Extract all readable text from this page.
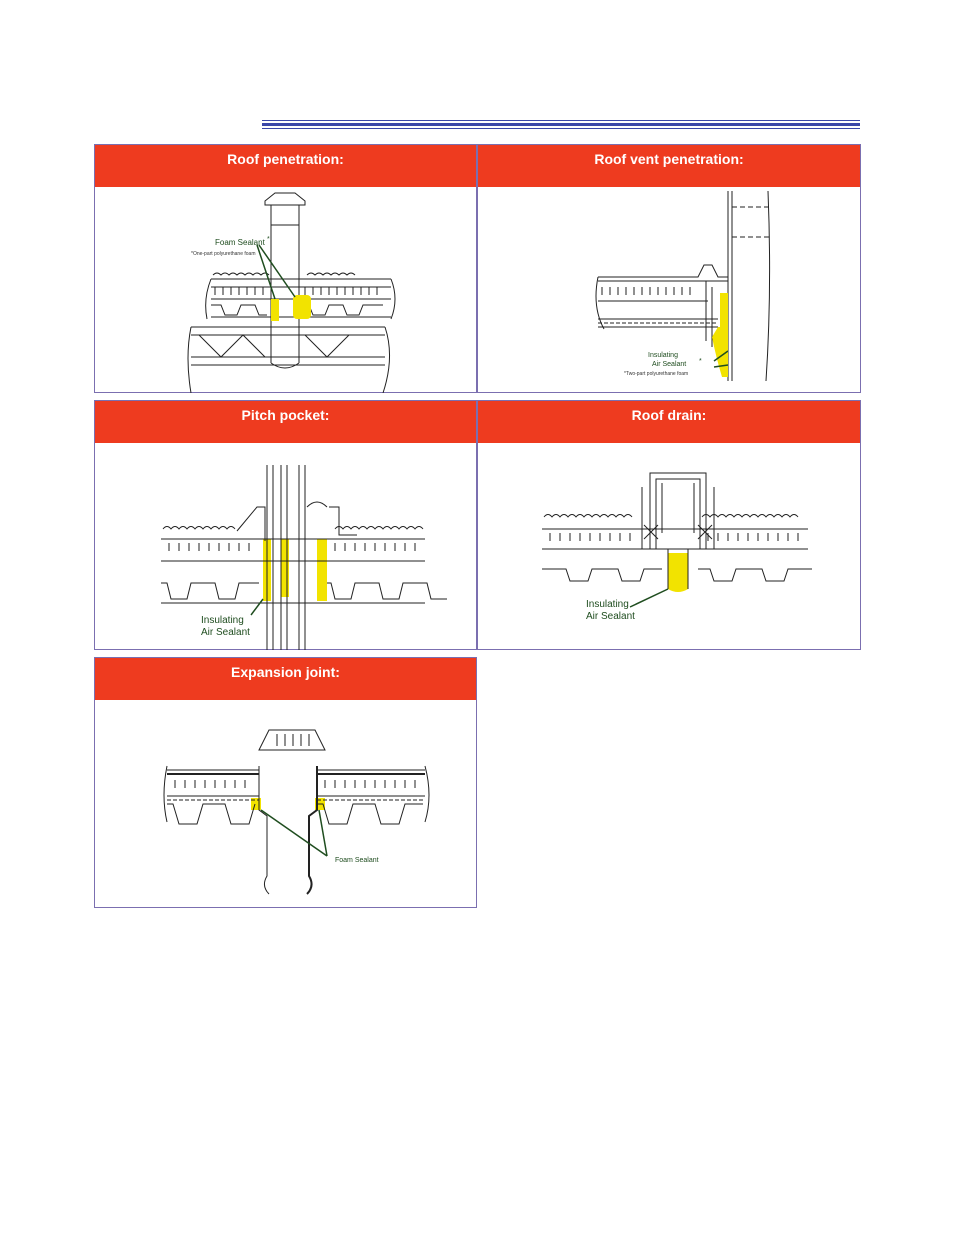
Roof penetration:
Foam Sealant *
*One-part polyurethane foam
Roof vent penetration:
Insulating
Air Sealant *
*Two-part polyurethane foam
Pitch pocket:
Insulating
Air Sealant
Roof drain:
Insulating
Air Sealant
Expansion joint:
Foam Sealant
